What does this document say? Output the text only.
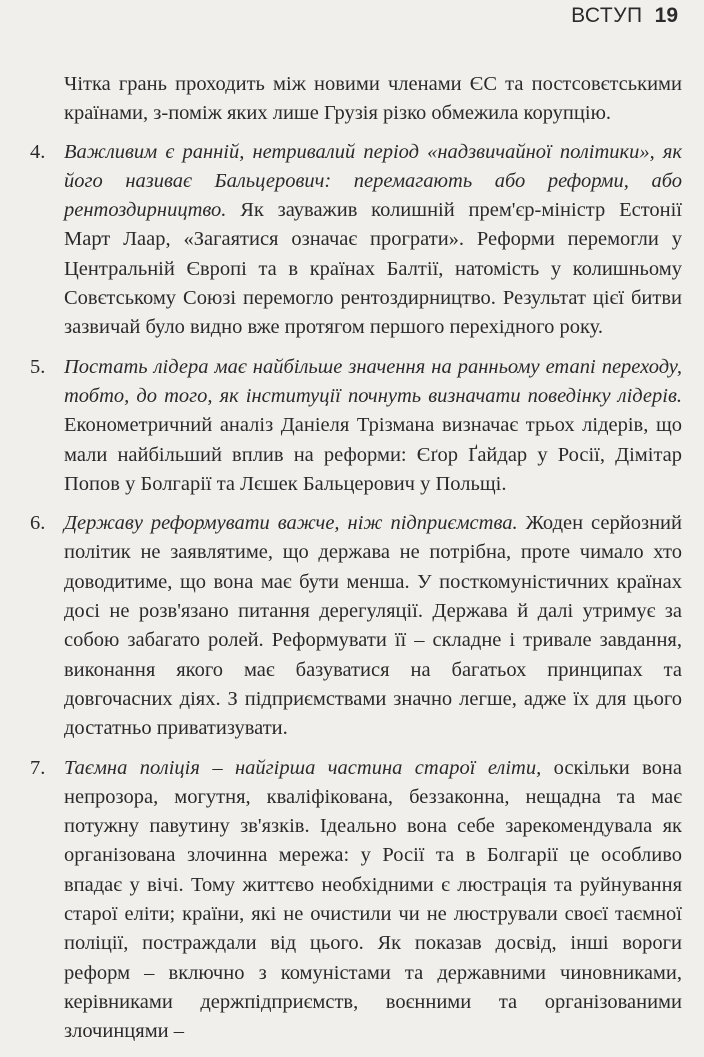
ВСТУП 19

Чітка грань проходить між новими членами ЄС та постсовєтськими країнами, з-поміж яких лише Грузія різко обмежила корупцію.

4. Важливим є ранній, нетривалий період «надзвичайної політики», як його називає Бальцерович: перемагають або реформи, або рентоздирництво. Як зауважив колишній прем'єр-міністр Естонії Март Лаар, «Загаятися означає програти». Реформи перемогли у Центральній Європі та в країнах Балтії, натомість у колишньому Совєтському Союзі перемогло рентоздирництво. Результат цієї битви зазвичай було видно вже протягом першого перехідного року.
5. Постать лідера має найбільше значення на ранньому етапі переходу, тобто, до того, як інституції почнуть визначати поведінку лідерів. Економетричний аналіз Даніеля Трізмана визначає трьох лідерів, що мали найбільший вплив на реформи: Єґор Ґайдар у Росії, Дімітар Попов у Болгарії та Лєшек Бальцерович у Польщі.
6. Державу реформувати важче, ніж підприємства. Жоден серйозний політик не заявлятиме, що держава не потрібна, проте чимало хто доводитиме, що вона має бути менша. У посткомуністичних країнах досі не розв'язано питання дерегуляції. Держава й далі утримує за собою забагато ролей. Реформувати її – складне і тривале завдання, виконання якого має базуватися на багатьох принципах та довгочасних діях. З підприємствами значно легше, адже їх для цього достатньо приватизувати.
7. Таємна поліція – найгірша частина старої еліти, оскільки вона непрозора, могутня, кваліфікована, беззаконна, нещадна та має потужну павутину зв'язків. Ідеально вона себе зарекомендувала як організована злочинна мережа: у Росії та в Болгарії це особливо впадає у вічі. Тому життєво необхідними є люстрація та руйнування старої еліти; країни, які не очистили чи не люстрували своєї таємної поліції, постраждали від цього. Як показав досвід, інші вороги реформ – включно з комуністами та державними чиновниками, керівниками держпідприємств, воєнними та організованими злочинцями –
